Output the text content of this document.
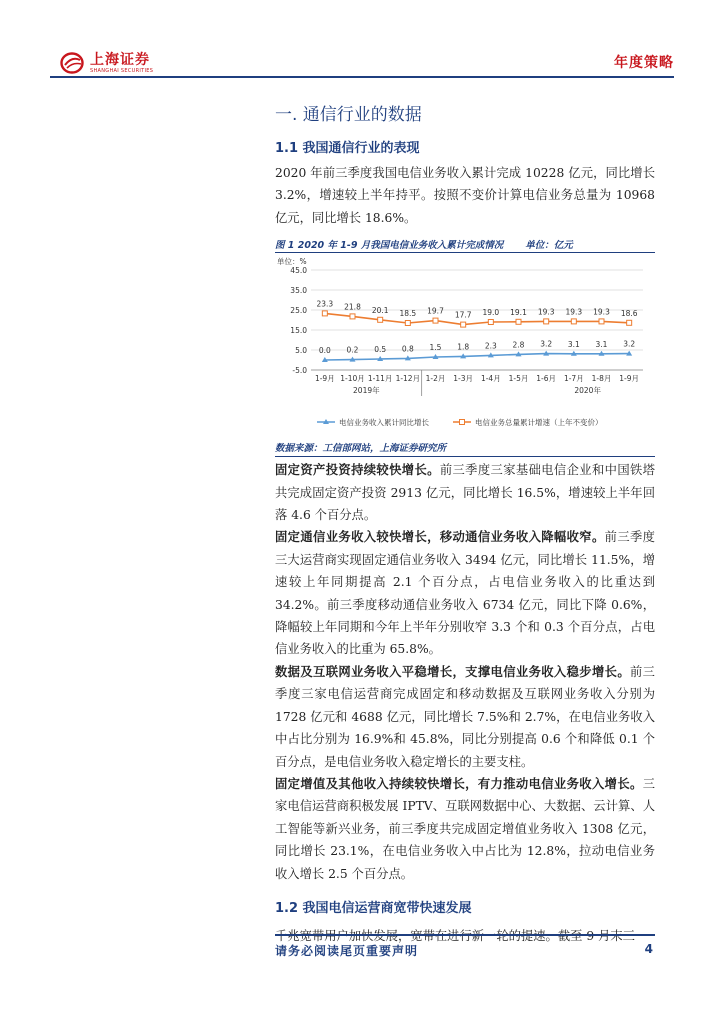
上海证券
SHANGHAI SECURITIES	年度策略
一. 通信行业的数据
1.1 我国通信行业的表现

2020 年前三季度我国电信业务收入累计完成 10228 亿元，同比增长 3.2%，增速较上半年持平。按照不变价计算电信业务总量为 10968 亿元，同比增长 18.6%。

图 1 2020 年 1-9 月我国电信业务收入累计完成情况 单位：亿元
单位：%
45.0
35.0
25.0
15.0
5.0
-5.0
1-9月 1-10月 1-11月 1-12月 1-2月 1-3月 1-4月 1-5月 1-6月 1-7月 1-8月 1-9月
2019年	2020年
0.0 0.2 0.5 0.8 1.5 1.8 2.3 2.8 3.2 3.1 3.1 3.2
23.3 21.8 20.1 18.5 19.7 17.7 19.0 19.1 19.3 19.3 19.3 18.6
电信业务收入累计同比增长	电信业务总量累计增速（上年不变价）
数据来源：工信部网站，上海证券研究所

固定资产投资持续较快增长。前三季度三家基础电信企业和中国铁塔共完成固定资产投资 2913 亿元，同比增长 16.5%，增速较上半年回落 4.6 个百分点。

固定通信业务收入较快增长，移动通信业务收入降幅收窄。前三季度三大运营商实现固定通信业务收入 3494 亿元，同比增长 11.5%，增速较上年同期提高 2.1 个百分点，占电信业务收入的比重达到 34.2%。前三季度移动通信业务收入 6734 亿元，同比下降 0.6%，降幅较上年同期和今年上半年分别收窄 3.3 个和 0.3 个百分点，占电信业务收入的比重为 65.8%。

数据及互联网业务收入平稳增长，支撑电信业务收入稳步增长。前三季度三家电信运营商完成固定和移动数据及互联网业务收入分别为 1728 亿元和 4688 亿元，同比增长 7.5%和 2.7%，在电信业务收入中占比分别为 16.9%和 45.8%，同比分别提高 0.6 个和降低 0.1 个百分点，是电信业务收入稳定增长的主要支柱。

固定增值及其他收入持续较快增长，有力推动电信业务收入增长。三家电信运营商积极发展 IPTV、互联网数据中心、大数据、云计算、人工智能等新兴业务，前三季度共完成固定增值业务收入 1308 亿元，同比增长 23.1%，在电信业务收入中占比为 12.8%，拉动电信业务收入增长 2.5 个百分点。

1.2 我国电信运营商宽带快速发展

千兆宽带用户加快发展，宽带在进行新一轮的提速。截至 9 月末三

请务必阅读尾页重要声明	4
